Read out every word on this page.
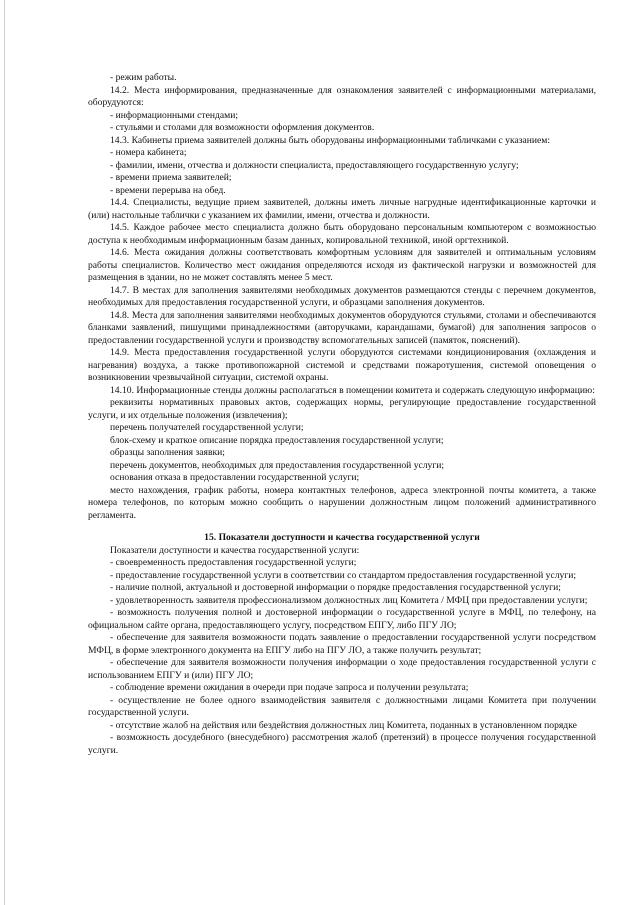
- режим работы.

14.2. Места информирования, предназначенные для ознакомления заявителей с информационными материалами, оборудуются:

- информационными стендами;

- стульями и столами для возможности оформления документов.

14.3. Кабинеты приема заявителей должны быть оборудованы информационными табличками с указанием:

- номера кабинета;

- фамилии, имени, отчества и должности специалиста, предоставляющего государственную услугу;

- времени приема заявителей;

- времени перерыва на обед.

14.4. Специалисты, ведущие прием заявителей, должны иметь личные нагрудные идентификационные карточки и (или) настольные таблички с указанием их фамилии, имени, отчества и должности.

14.5. Каждое рабочее место специалиста должно быть оборудовано персональным компьютером с возможностью доступа к необходимым информационным базам данных, копировальной техникой, иной оргтехникой.

14.6. Места ожидания должны соответствовать комфортным условиям для заявителей и оптимальным условиям работы специалистов. Количество мест ожидания определяются исходя из фактической нагрузки и возможностей для размещения в здании, но не может составлять менее 5 мест.

14.7. В местах для заполнения заявителями необходимых документов размещаются стенды с перечнем документов, необходимых для предоставления государственной услуги, и образцами заполнения документов.

14.8. Места для заполнения заявителями необходимых документов оборудуются стульями, столами и обеспечиваются бланками заявлений, пишущими принадлежностями (авторучками, карандашами, бумагой) для заполнения запросов о предоставлении государственной услуги и производству вспомогательных записей (памяток, пояснений).

14.9. Места предоставления государственной услуги оборудуются системами кондиционирования (охлаждения и нагревания) воздуха, а также противопожарной системой и средствами пожаротушения, системой оповещения о возникновении чрезвычайной ситуации, системой охраны.

14.10. Информационные стенды должны располагаться в помещении комитета и содержать следующую информацию:

реквизиты нормативных правовых актов, содержащих нормы, регулирующие предоставление государственной услуги, и их отдельные положения (извлечения);

перечень получателей государственной услуги;

блок-схему и краткое описание порядка предоставления государственной услуги;

образцы заполнения заявки;

перечень документов, необходимых для предоставления государственной услуги;

основания отказа в предоставлении государственной услуги;

место нахождения, график работы, номера контактных телефонов, адреса электронной почты комитета, а также номера телефонов, по которым можно сообщить о нарушении должностным лицом положений административного регламента.

15. Показатели доступности и качества государственной услуги

Показатели доступности и качества государственной услуги:

- своевременность предоставления государственной услуги;

- предоставление государственной услуги в соответствии со стандартом предоставления государственной услуги;

- наличие полной, актуальной и достоверной информации о порядке предоставления государственной услуги;

- удовлетворенность заявителя профессионализмом должностных лиц Комитета / МФЦ при предоставлении услуги;

- возможность получения полной и достоверной информации о государственной услуге в МФЦ, по телефону, на официальном сайте органа, предоставляющего услугу, посредством ЕПГУ, либо ПГУ ЛО;

- обеспечение для заявителя возможности подать заявление о предоставлении государственной услуги посредством МФЦ, в форме электронного документа на ЕПГУ либо на ПГУ ЛО, а также получить результат;

- обеспечение для заявителя возможности получения информации о ходе предоставления государственной услуги с использованием ЕПГУ и (или) ПГУ ЛО;

- соблюдение времени ожидания в очереди при подаче запроса и получении результата;

- осуществление не более одного взаимодействия заявителя с должностными лицами Комитета при получении государственной услуги.

- отсутствие жалоб на действия или бездействия должностных лиц Комитета, поданных в установленном порядке

- возможность досудебного (внесудебного) рассмотрения жалоб (претензий) в процессе получения государственной услуги.
